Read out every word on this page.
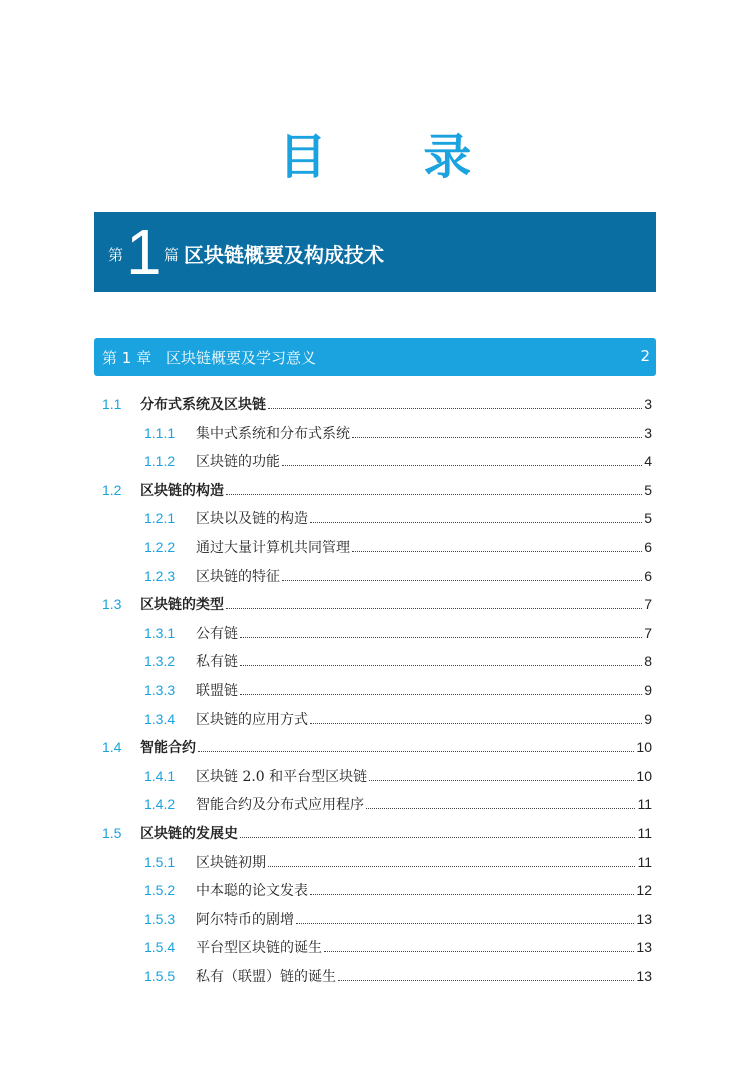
目 录
第 1 篇 区块链概要及构成技术
第 1 章 区块链概要及学习意义	2
1.1	分布式系统及区块链	3
1.1.1	集中式系统和分布式系统	3
1.1.2	区块链的功能	4
1.2	区块链的构造	5
1.2.1	区块以及链的构造	5
1.2.2	通过大量计算机共同管理	6
1.2.3	区块链的特征	6
1.3	区块链的类型	7
1.3.1	公有链	7
1.3.2	私有链	8
1.3.3	联盟链	9
1.3.4	区块链的应用方式	9
1.4	智能合约	10
1.4.1	区块链 2.0 和平台型区块链	10
1.4.2	智能合约及分布式应用程序	11
1.5	区块链的发展史	11
1.5.1	区块链初期	11
1.5.2	中本聪的论文发表	12
1.5.3	阿尔特币的剧增	13
1.5.4	平台型区块链的诞生	13
1.5.5	私有（联盟）链的诞生	13
